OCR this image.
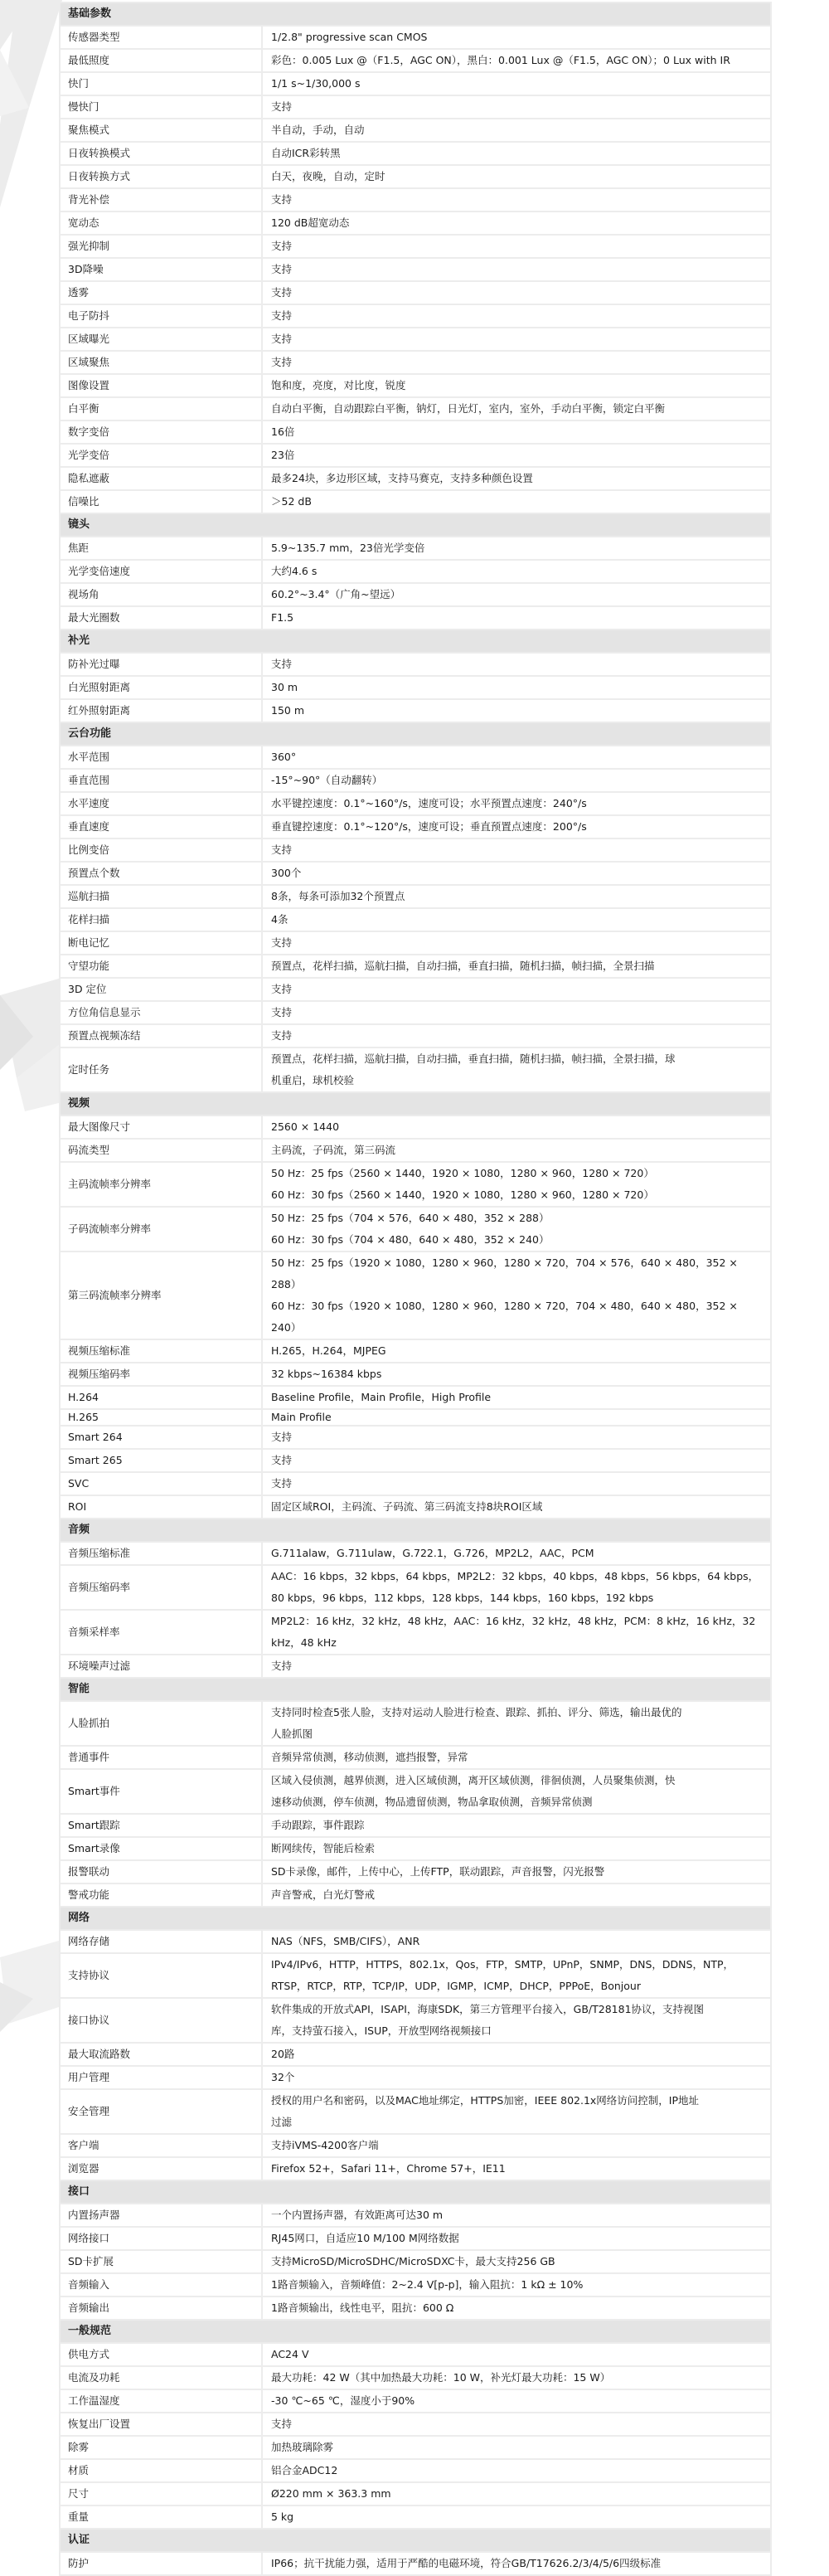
基础参数	
传感器类型	1/2.8" progressive scan CMOS
最低照度	彩色：0.005 Lux @（F1.5，AGC ON），黑白：0.001 Lux @（F1.5，AGC ON）；0 Lux with IR
快门	1/1 s~1/30,000 s
慢快门	支持
聚焦模式	半自动，手动，自动
日夜转换模式	自动ICR彩转黑
日夜转换方式	白天，夜晚，自动，定时
背光补偿	支持
宽动态	120 dB超宽动态
强光抑制	支持
3D降噪	支持
透雾	支持
电子防抖	支持
区域曝光	支持
区域聚焦	支持
图像设置	饱和度，亮度，对比度，锐度
白平衡	自动白平衡，自动跟踪白平衡，钠灯，日光灯，室内，室外，手动白平衡，锁定白平衡
数字变倍	16倍
光学变倍	23倍
隐私遮蔽	最多24块，多边形区域，支持马赛克，支持多种颜色设置
信噪比	＞52 dB
镜头	
焦距	5.9~135.7 mm，23倍光学变倍
光学变倍速度	大约4.6 s
视场角	60.2°~3.4°（广角~望远）
最大光圈数	F1.5
补光	
防补光过曝	支持
白光照射距离	30 m
红外照射距离	150 m
云台功能	
水平范围	360°
垂直范围	-15°~90°（自动翻转）
水平速度	水平键控速度：0.1°~160°/s，速度可设；水平预置点速度：240°/s
垂直速度	垂直键控速度：0.1°~120°/s，速度可设；垂直预置点速度：200°/s
比例变倍	支持
预置点个数	300个
巡航扫描	8条，每条可添加32个预置点
花样扫描	4条
断电记忆	支持
守望功能	预置点，花样扫描，巡航扫描，自动扫描，垂直扫描，随机扫描，帧扫描，全景扫描
3D 定位	支持
方位角信息显示	支持
预置点视频冻结	支持
定时任务	预置点，花样扫描，巡航扫描，自动扫描，垂直扫描，随机扫描，帧扫描，全景扫描，球
机重启，球机校验

视频	
最大图像尺寸	2560 × 1440
码流类型	主码流，子码流，第三码流
主码流帧率分辨率	50 Hz：25 fps（2560 × 1440，1920 × 1080，1280 × 960，1280 × 720）
60 Hz：30 fps（2560 × 1440，1920 × 1080，1280 × 960，1280 × 720）

子码流帧率分辨率	50 Hz：25 fps（704 × 576，640 × 480，352 × 288）
60 Hz：30 fps（704 × 480，640 × 480，352 × 240）

第三码流帧率分辨率	50 Hz：25 fps（1920 × 1080，1280 × 960，1280 × 720，704 × 576，640 × 480，352 × 288）
60 Hz：30 fps（1920 × 1080，1280 × 960，1280 × 720，704 × 480，640 × 480，352 × 240）

视频压缩标准	H.265，H.264，MJPEG
视频压缩码率	32 kbps~16384 kbps
H.264	Baseline Profile，Main Profile，High Profile
H.265	Main Profile
Smart 264	支持
Smart 265	支持
SVC	支持
ROI	固定区域ROI，主码流、子码流、第三码流支持8块ROI区域
音频	
音频压缩标准	G.711alaw，G.711ulaw，G.722.1，G.726，MP2L2，AAC，PCM
音频压缩码率	AAC：16 kbps，32 kbps，64 kbps，MP2L2：32 kbps，40 kbps，48 kbps，56 kbps，64 kbps，
80 kbps，96 kbps，112 kbps，128 kbps，144 kbps，160 kbps，192 kbps

音频采样率	MP2L2：16 kHz，32 kHz，48 kHz，AAC：16 kHz，32 kHz，48 kHz，PCM：8 kHz，16 kHz，32
kHz，48 kHz

环境噪声过滤	支持
智能	
人脸抓拍	支持同时检查5张人脸，支持对运动人脸进行检查、跟踪、抓拍、评分、筛选，输出最优的
人脸抓图

普通事件	音频异常侦测，移动侦测，遮挡报警，异常
Smart事件	区域入侵侦测，越界侦测，进入区域侦测，离开区域侦测，徘徊侦测，人员聚集侦测，快
速移动侦测，停车侦测，物品遗留侦测，物品拿取侦测，音频异常侦测

Smart跟踪	手动跟踪，事件跟踪
Smart录像	断网续传，智能后检索
报警联动	SD卡录像，邮件，上传中心，上传FTP，联动跟踪，声音报警，闪光报警
警戒功能	声音警戒，白光灯警戒
网络	
网络存储	NAS（NFS，SMB/CIFS），ANR
支持协议	IPv4/IPv6，HTTP，HTTPS，802.1x，Qos，FTP，SMTP，UPnP，SNMP，DNS，DDNS，NTP，
RTSP，RTCP，RTP，TCP/IP，UDP，IGMP，ICMP，DHCP，PPPoE，Bonjour

接口协议	软件集成的开放式API，ISAPI，海康SDK，第三方管理平台接入，GB/T28181协议，支持视图
库，支持萤石接入，ISUP，开放型网络视频接口

最大取流路数	20路
用户管理	32个
安全管理	授权的用户名和密码，以及MAC地址绑定，HTTPS加密，IEEE 802.1x网络访问控制，IP地址
过滤

客户端	支持iVMS-4200客户端
浏览器	Firefox 52+，Safari 11+，Chrome 57+，IE11
接口	
内置扬声器	一个内置扬声器，有效距离可达30 m
网络接口	RJ45网口，自适应10 M/100 M网络数据
SD卡扩展	支持MicroSD/MicroSDHC/MicroSDXC卡，最大支持256 GB
音频输入	1路音频输入，音频峰值：2~2.4 V[p-p]，输入阻抗：1 kΩ ± 10%
音频输出	1路音频输出，线性电平，阻抗：600 Ω
一般规范	
供电方式	AC24 V
电流及功耗	最大功耗：42 W（其中加热最大功耗：10 W，补光灯最大功耗：15 W）
工作温湿度	-30 ℃~65 ℃，湿度小于90%
恢复出厂设置	支持
除雾	加热玻璃除雾
材质	铝合金ADC12
尺寸	Ø220 mm × 363.3 mm
重量	5 kg
认证	
防护	IP66；抗干扰能力强，适用于严酷的电磁环境，符合GB/T17626.2/3/4/5/6四级标准
